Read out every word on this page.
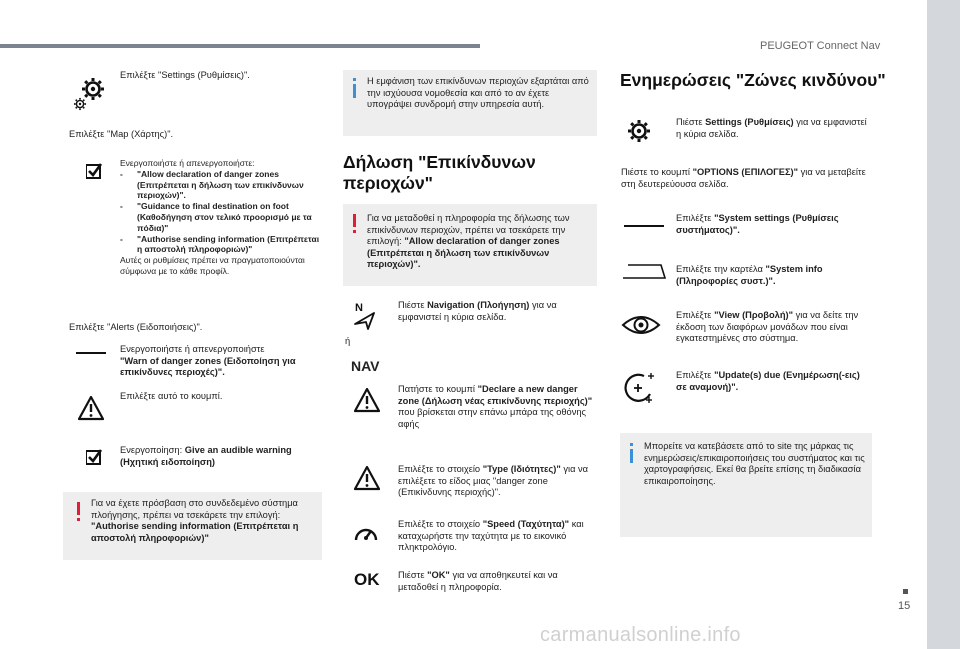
PEUGEOT Connect Nav
15
Επιλέξτε "Settings (Ρυθμίσεις)".
Επιλέξτε "Map (Χάρτης)".
Ενεργοποιήστε ή απενεργοποιήστε:
- "Allow declaration of danger zones (Επιτρέπεται η δήλωση των επικίνδυνων περιοχών)".
- "Guidance to final destination on foot (Καθοδήγηση στον τελικό προορισμό με τα πόδια)"
- "Authorise sending information (Επιτρέπεται η αποστολή πληροφοριών)"
Αυτές οι ρυθμίσεις πρέπει να πραγματοποιούνται σύμφωνα με το κάθε προφίλ.
Επιλέξτε "Alerts (Ειδοποιήσεις)".
Ενεργοποιήστε ή απενεργοποιήστε
"Warn of danger zones (Ειδοποίηση για επικίνδυνες περιοχές)".
Επιλέξτε αυτό το κουμπί.
Ενεργοποίηση: Give an audible warning (Ηχητική ειδοποίηση)
Για να έχετε πρόσβαση στο συνδεδεμένο σύστημα πλοήγησης, πρέπει να τσεκάρετε την επιλογή: "Authorise sending information (Επιτρέπεται η αποστολή πληροφοριών)"
Η εμφάνιση των επικίνδυνων περιοχών εξαρτάται από την ισχύουσα νομοθεσία και από το αν έχετε υπογράψει συνδρομή στην υπηρεσία αυτή.
Δήλωση "Επικίνδυνων περιοχών"
Για να μεταδοθεί η πληροφορία της δήλωσης των επικίνδυνων περιοχών, πρέπει να τσεκάρετε την επιλογή: "Allow declaration of danger zones (Επιτρέπεται η δήλωση των επικίνδυνων περιοχών)".
N
ή
NAV
Πιέστε Navigation (Πλοήγηση) για να εμφανιστεί η κύρια σελίδα.
Πατήστε το κουμπί "Declare a new danger zone (Δήλωση νέας επικίνδυνης περιοχής)" που βρίσκεται στην επάνω μπάρα της οθόνης αφής
Επιλέξτε το στοιχείο "Type (Ιδιότητες)" για να επιλέξετε το είδος μιας "danger zone (Επικίνδυνης περιοχής)".
Επιλέξτε το στοιχείο "Speed (Ταχύτητα)" και καταχωρήστε την ταχύτητα με το εικονικό πληκτρολόγιο.
OK Πιέστε "OK" για να αποθηκευτεί και να μεταδοθεί η πληροφορία.
Ενημερώσεις "Ζώνες κινδύνου"
Πιέστε Settings (Ρυθμίσεις) για να εμφανιστεί η κύρια σελίδα.
Πιέστε το κουμπί "OPTIONS (ΕΠΙΛΟΓΕΣ)" για να μεταβείτε στη δευτερεύουσα σελίδα.
Επιλέξτε "System settings (Ρυθμίσεις συστήματος)".
Επιλέξτε την καρτέλα "System info (Πληροφορίες συστ.)".
Επιλέξτε "View (Προβολή)" για να δείτε την έκδοση των διαφόρων μονάδων που είναι εγκατεστημένες στο σύστημα.
Επιλέξτε "Update(s) due (Ενημέρωση(-εις) σε αναμονή)".
Μπορείτε να κατεβάσετε από το site της μάρκας τις ενημερώσεις/επικαιροποιήσεις του συστήματος και τις χαρτογραφήσεις. Εκεί θα βρείτε επίσης τη διαδικασία επικαιροποίησης.
carmanualsonline.info
